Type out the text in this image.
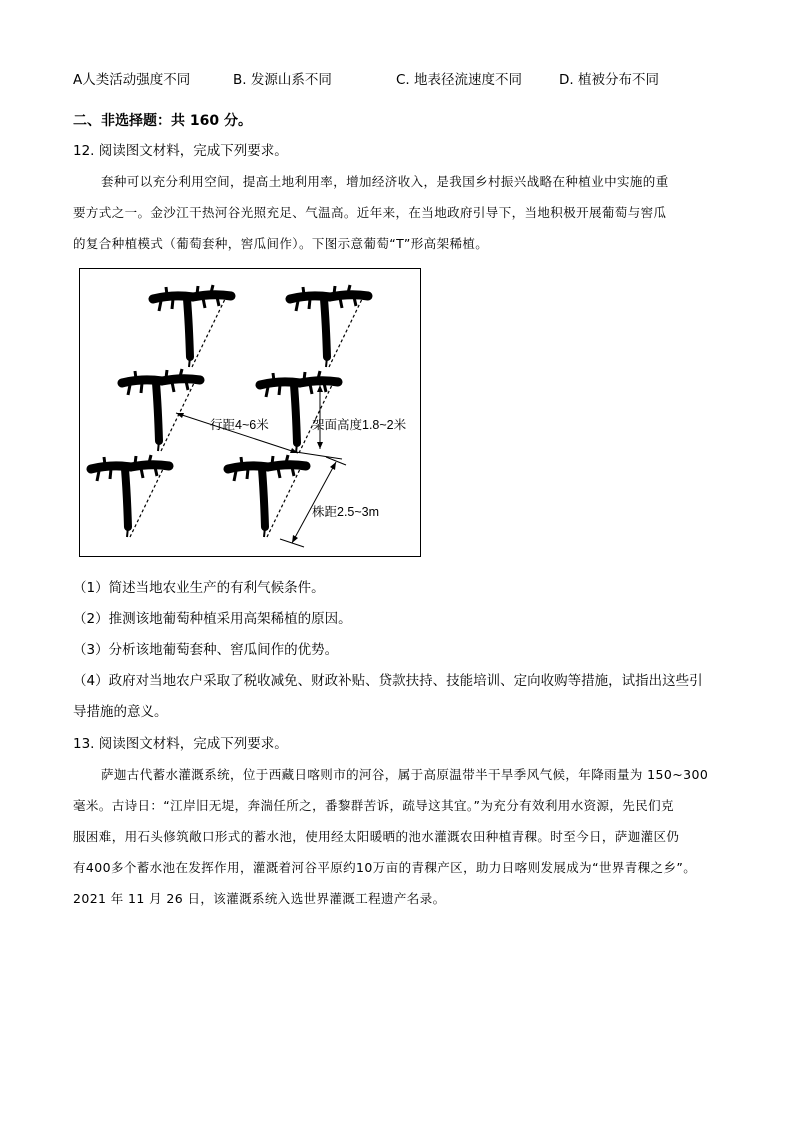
A人类活动强度不同	B. 发源山系不同	C. 地表径流速度不同	D. 植被分布不同
二、非选择题：共 160 分。
12. 阅读图文材料，完成下列要求。
套种可以充分利用空间，提高土地利用率，增加经济收入，是我国乡村振兴战略在种植业中实施的重
要方式之一。金沙江干热河谷光照充足、气温高。近年来，在当地政府引导下，当地积极开展葡萄与窖瓜
的复合种植模式（葡萄套种，窖瓜间作）。下图示意葡萄“T”形高架稀植。
行距4~6米	架面高度1.8~2米
株距2.5~3m
（1）简述当地农业生产的有利气候条件。
（2）推测该地葡萄种植采用高架稀植的原因。
（3）分析该地葡萄套种、窖瓜间作的优势。
（4）政府对当地农户采取了税收减免、财政补贴、贷款扶持、技能培训、定向收购等措施，试指出这些引
导措施的意义。
13. 阅读图文材料，完成下列要求。
萨迦古代蓄水灌溉系统，位于西藏日喀则市的河谷，属于高原温带半干旱季风气候，年降雨量为 150~300
毫米。古诗日：“江岸旧无堤，奔湍任所之，番黎群苦诉，疏导这其宜。”为充分有效利用水资源，先民们克
服困难，用石头修筑敞口形式的蓄水池，使用经太阳暖晒的池水灌溉农田种植青稞。时至今日，萨迦灌区仍
有400多个蓄水池在发挥作用，灌溉着河谷平原约10万亩的青稞产区，助力日喀则发展成为“世界青稞之乡”。
2021 年 11 月 26 日，该灌溉系统入选世界灌溉工程遗产名录。
